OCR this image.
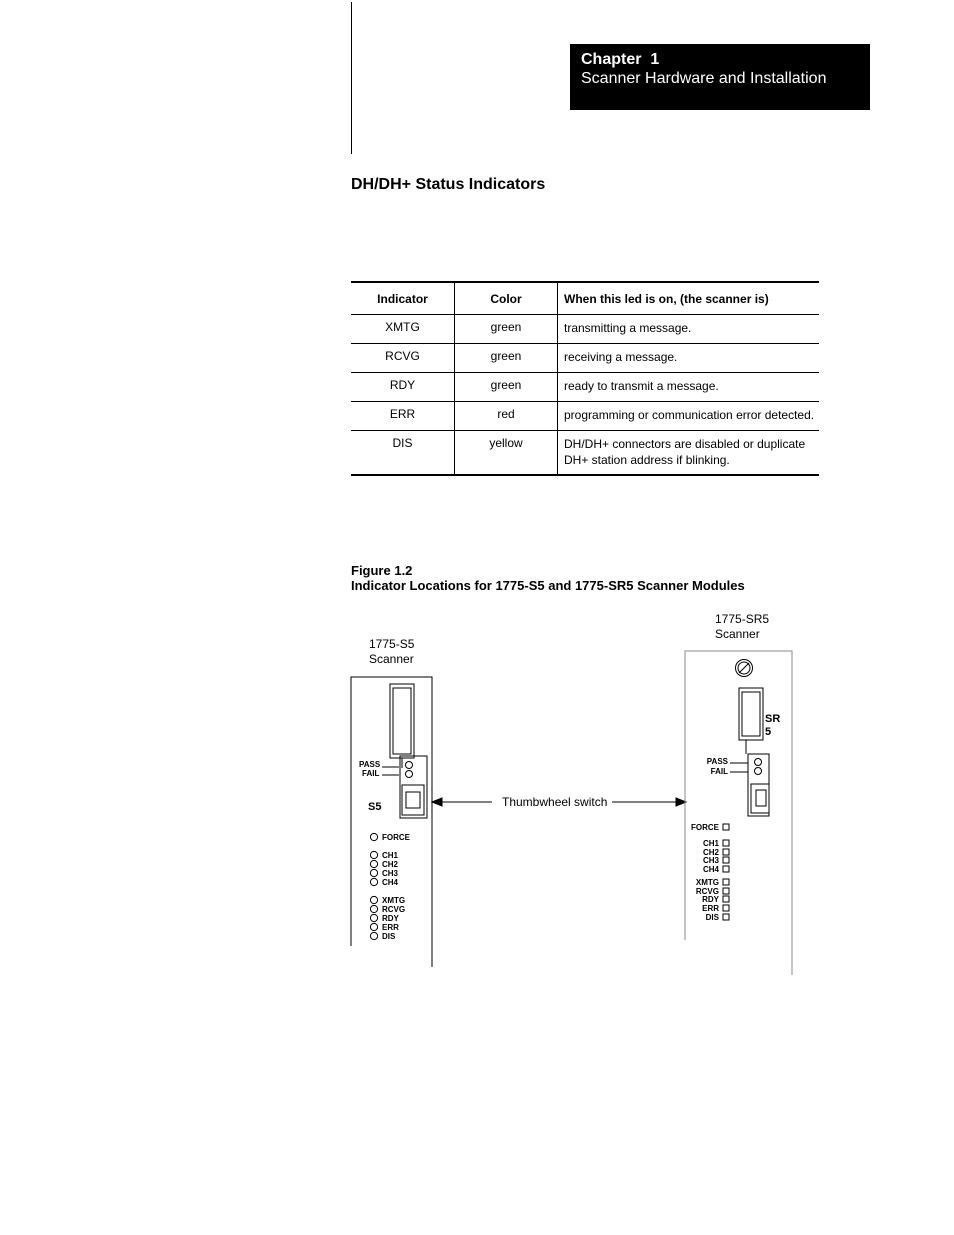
Chapter  1
Scanner Hardware and Installation
DH/DH+ Status Indicators
Indicator	Color	When this led is on, (the scanner is)
XMTG	green	transmitting a message.
RCVG	green	receiving a message.
RDY	green	ready to transmit a message.
ERR	red	programming or communication error detected.
DIS	yellow	DH/DH+ connectors are disabled or duplicate DH+ station address if blinking.
Figure 1.2
Indicator Locations for 1775-S5 and 1775-SR5 Scanner Modules
1775-S5
Scanner
1775-SR5
Scanner
Thumbwheel switch
PASS
FAIL
S5
FORCE
CH1
CH2
CH3
CH4
XMTG
RCVG
RDY
ERR
DIS
PASS
FAIL
FORCE
CH1
CH2
CH3
CH4
XMTG
RCVG
RDY
ERR
DIS
SR
5
